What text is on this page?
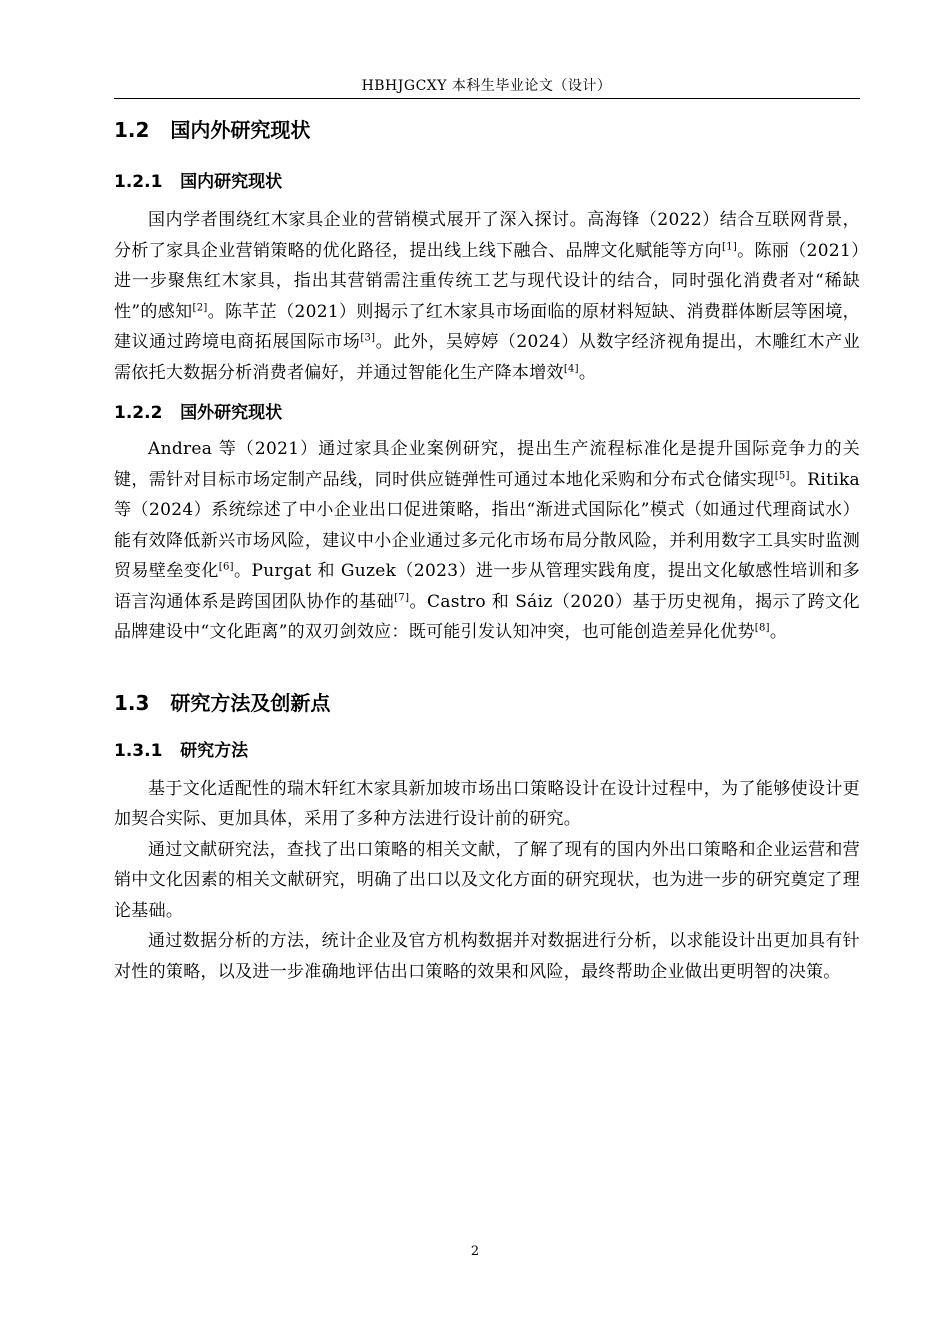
HBHJGCXY 本科生毕业论文（设计）
1.2   国内外研究现状
1.2.1   国内研究现状

国内学者围绕红木家具企业的营销模式展开了深入探讨。高海锋（2022）结合互联网背景，分析了家具企业营销策略的优化路径，提出线上线下融合、品牌文化赋能等方向[1]。陈丽（2021）进一步聚焦红木家具，指出其营销需注重传统工艺与现代设计的结合，同时强化消费者对“稀缺性”的感知[2]。陈芊芷（2021）则揭示了红木家具市场面临的原材料短缺、消费群体断层等困境，建议通过跨境电商拓展国际市场[3]。此外，吴婷婷（2024）从数字经济视角提出，木雕红木产业需依托大数据分析消费者偏好，并通过智能化生产降本增效[4]。

1.2.2   国外研究现状

Andrea 等（2021）通过家具企业案例研究，提出生产流程标准化是提升国际竞争力的关键，需针对目标市场定制产品线，同时供应链弹性可通过本地化采购和分布式仓储实现[5]。Ritika 等（2024）系统综述了中小企业出口促进策略，指出“渐进式国际化”模式（如通过代理商试水）能有效降低新兴市场风险，建议中小企业通过多元化市场布局分散风险，并利用数字工具实时监测贸易壁垒变化[6]。Purgat 和 Guzek（2023）进一步从管理实践角度，提出文化敏感性培训和多语言沟通体系是跨国团队协作的基础[7]。Castro 和 Sáiz（2020）基于历史视角，揭示了跨文化品牌建设中“文化距离”的双刃剑效应：既可能引发认知冲突，也可能创造差异化优势[8]。

1.3   研究方法及创新点
1.3.1   研究方法

基于文化适配性的瑞木轩红木家具新加坡市场出口策略设计在设计过程中，为了能够使设计更加契合实际、更加具体，采用了多种方法进行设计前的研究。

通过文献研究法，查找了出口策略的相关文献，了解了现有的国内外出口策略和企业运营和营销中文化因素的相关文献研究，明确了出口以及文化方面的研究现状，也为进一步的研究奠定了理论基础。

通过数据分析的方法，统计企业及官方机构数据并对数据进行分析，以求能设计出更加具有针对性的策略，以及进一步准确地评估出口策略的效果和风险，最终帮助企业做出更明智的决策。

2
